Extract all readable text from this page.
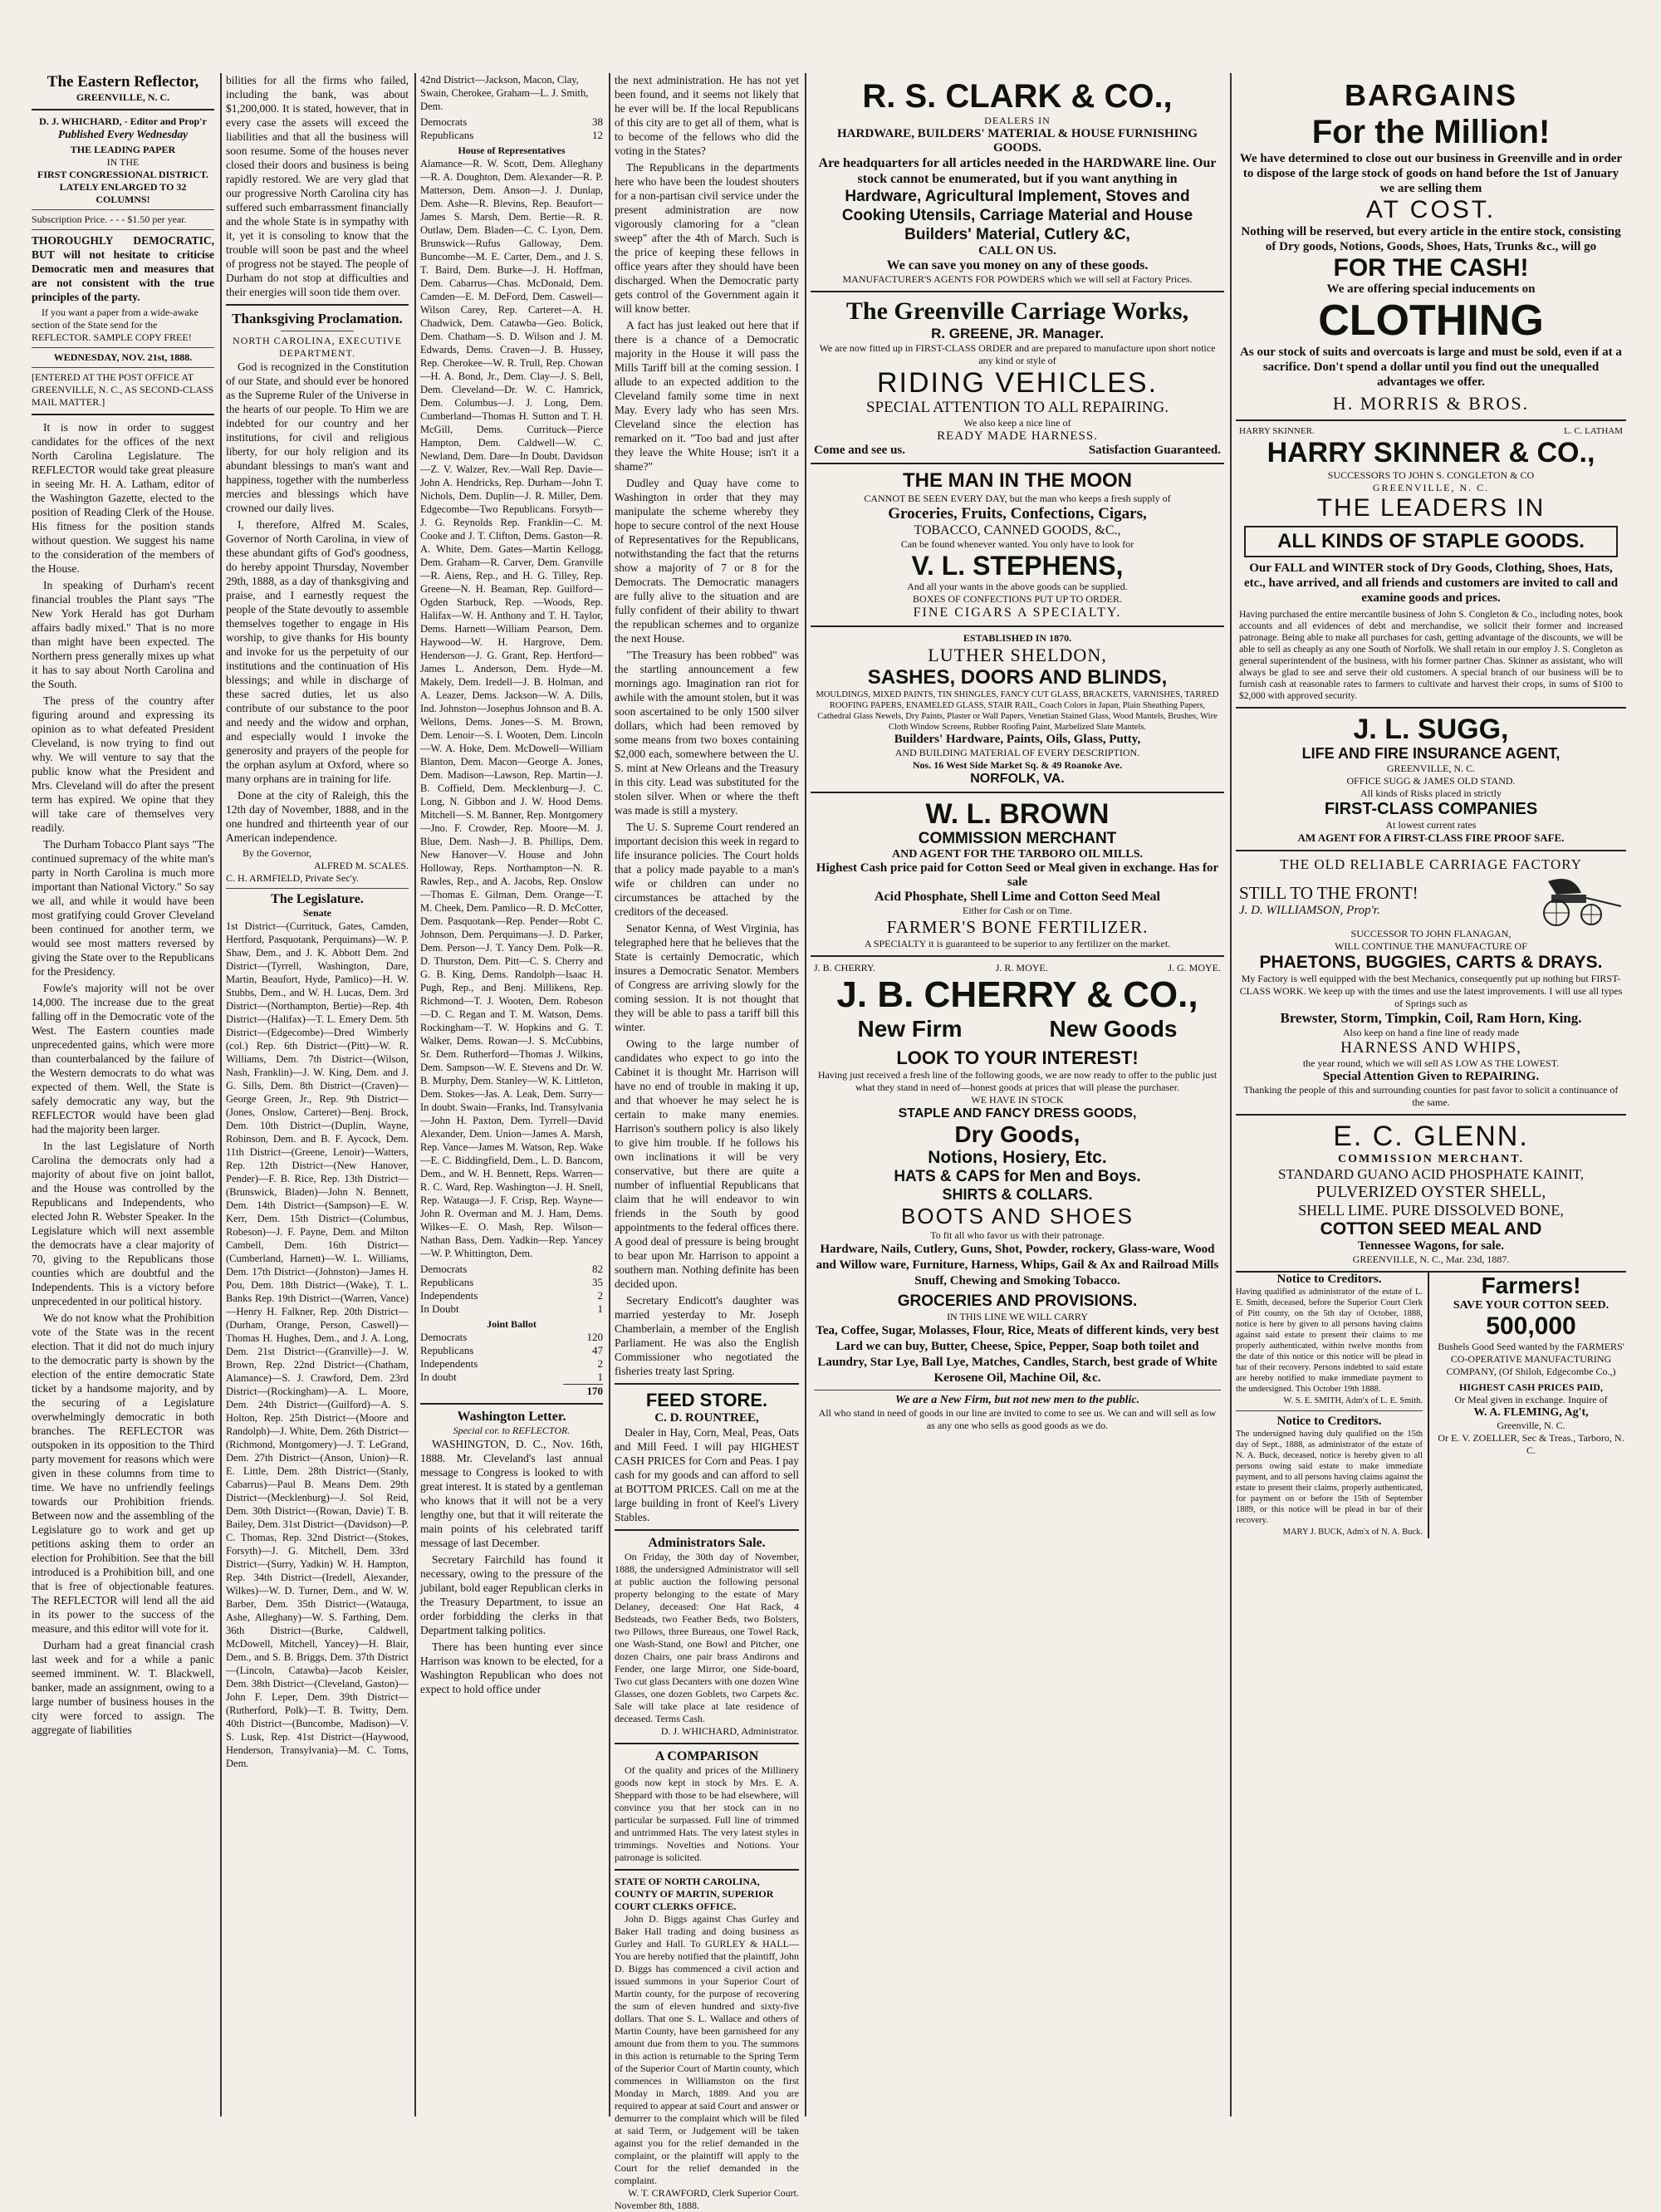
The Eastern Reflector,
GREENVILLE, N. C.
D. J. WHICHARD, - Editor and Prop'r
Published Every Wednesday
THE LEADING PAPER
IN THE
FIRST CONGRESSIONAL DISTRICT.
LATELY ENLARGED TO 32 COLUMNS!
Subscription Price. - - - $1.50 per year.
THOROUGHLY DEMOCRATIC, BUT will not hesitate to criticise Democratic men and measures that are not consistent with the true principles of the party.
If you want a paper from a wide-awake section of the State send for the REFLECTOR. SAMPLE COPY FREE!
WEDNESDAY, NOV. 21st, 1888.
[ENTERED AT THE POST OFFICE AT GREENVILLE, N. C., AS SECOND-CLASS MAIL MATTER.]

It is now in order to suggest candidates for the offices of the next North Carolina Legislature. The REFLECTOR would take great pleasure in seeing Mr. H. A. Latham, editor of the Washington Gazette, elected to the position of Reading Clerk of the House. His fitness for the position stands without question. We suggest his name to the consideration of the members of the House.

In speaking of Durham's recent financial troubles the Plant says "The New York Herald has got Durham affairs badly mixed." That is no more than might have been expected. The Northern press generally mixes up what it has to say about North Carolina and the South.

The press of the country after figuring around and expressing its opinion as to what defeated President Cleveland, is now trying to find out why. We will venture to say that the public know what the President and Mrs. Cleveland will do after the present term has expired. We opine that they will take care of themselves very readily.

The Durham Tobacco Plant says "The continued supremacy of the white man's party in North Carolina is much more important than National Victory." So say we all, and while it would have been most gratifying could Grover Cleveland been continued for another term, we would see most matters reversed by giving the State over to the Republicans for the Presidency.

Fowle's majority will not be over 14,000. The increase due to the great falling off in the Democratic vote of the West. The Eastern counties made unprecedented gains, which were more than counterbalanced by the failure of the Western democrats to do what was expected of them. Well, the State is safely democratic any way, but the REFLECTOR would have been glad had the majority been larger.

In the last Legislature of North Carolina the democrats only had a majority of about five on joint ballot, and the House was controlled by the Republicans and Independents, who elected John R. Webster Speaker. In the Legislature which will next assemble the democrats have a clear majority of 70, giving to the Republicans those counties which are doubtful and the Independents. This is a victory before unprecedented in our political history.

We do not know what the Prohibition vote of the State was in the recent election. That it did not do much injury to the democratic party is shown by the election of the entire democratic State ticket by a handsome majority, and by the securing of a Legislature overwhelmingly democratic in both branches. The REFLECTOR was outspoken in its opposition to the Third party movement for reasons which were given in these columns from time to time. We have no unfriendly feelings towards our Prohibition friends. Between now and the assembling of the Legislature go to work and get up petitions asking them to order an election for Prohibition. See that the bill introduced is a Prohibition bill, and one that is free of objectionable features. The REFLECTOR will lend all the aid in its power to the success of the measure, and this editor will vote for it.

Durham had a great financial crash last week and for a while a panic seemed imminent. W. T. Blackwell, banker, made an assignment, owing to a large number of business houses in the city were forced to assign. The aggregate of liabilities

bilities for all the firms who failed, including the bank, was about $1,200,000. It is stated, however, that in every case the assets will exceed the liabilities and that all the business will soon resume. Some of the houses never closed their doors and business is being rapidly restored. We are very glad that our progressive North Carolina city has suffered such embarrassment financially and the whole State is in sympathy with it, yet it is consoling to know that the trouble will soon be past and the wheel of progress not be stayed. The people of Durham do not stop at difficulties and their energies will soon tide them over.
Thanksgiving Proclamation.
NORTH CAROLINA, EXECUTIVE DEPARTMENT.

God is recognized in the Constitution of our State, and should ever be honored as the Supreme Ruler of the Universe in the hearts of our people. To Him we are indebted for our country and her institutions, for civil and religious liberty, for our holy religion and its abundant blessings to man's want and happiness, together with the numberless mercies and blessings which have crowned our daily lives.

I, therefore, Alfred M. Scales, Governor of North Carolina, in view of these abundant gifts of God's goodness, do hereby appoint Thursday, November 29th, 1888, as a day of thanksgiving and praise, and I earnestly request the people of the State devoutly to assemble themselves together to engage in His worship, to give thanks for His bounty and invoke for us the perpetuity of our institutions and the continuation of His blessings; and while in discharge of these sacred duties, let us also contribute of our substance to the poor and needy and the widow and orphan, and especially would I invoke the generosity and prayers of the people for the orphan asylum at Oxford, where so many orphans are in training for life.

Done at the city of Raleigh, this the 12th day of November, 1888, and in the one hundred and thirteenth year of our American independence.

By the Governor,
ALFRED M. SCALES.
C. H. ARMFIELD, Private Sec'y.
The Legislature.
Senate
1st District—(Currituck, Gates, Camden, Hertford, Pasquotank, Perquimans)—W. P. Shaw, Dem., and J. K. Abbott Dem. 2nd District—(Tyrrell, Washington, Dare, Martin, Beaufort, Hyde, Pamlico)—H. W. Stubbs, Dem., and W. H. Lucas, Dem. 3rd District—(Northampton, Bertie)—Rep. 4th District—(Halifax)—T. L. Emery Dem. 5th District—(Edgecombe)—Dred Wimberly (col.) Rep. 6th District—(Pitt)—W. R. Williams, Dem. 7th District—(Wilson, Nash, Franklin)—J. W. King, Dem. and J. G. Sills, Dem. 8th District—(Craven)—George Green, Jr., Rep. 9th District—(Jones, Onslow, Carteret)—Benj. Brock, Dem. 10th District—(Duplin, Wayne, Robinson, Dem. and B. F. Aycock, Dem. 11th District—(Greene, Lenoir)—Watters, Rep. 12th District—(New Hanover, Pender)—F. B. Rice, Rep. 13th District—(Brunswick, Bladen)—John N. Bennett, Dem. 14th District—(Sampson)—E. W. Kerr, Dem. 15th District—(Columbus, Robeson)—J. F. Payne, Dem. and Milton Cambell, Dem. 16th District—(Cumberland, Harnett)—W. L. Williams, Dem. 17th District—(Johnston)—James H. Pou, Dem. 18th District—(Wake), T. L. Banks Rep. 19th District—(Warren, Vance)—Henry H. Falkner, Rep. 20th District—(Durham, Orange, Person, Caswell)—Thomas H. Hughes, Dem., and J. A. Long, Dem. 21st District—(Granville)—J. W. Brown, Rep. 22nd District—(Chatham, Alamance)—S. J. Crawford, Dem. 23rd District—(Rockingham)—A. L. Moore, Dem. 24th District—(Guilford)—A. S. Holton, Rep. 25th District—(Moore and Randolph)—J. White, Dem. 26th District—(Richmond, Montgomery)—J. T. LeGrand, Dem. 27th District—(Anson, Union)—R. E. Little, Dem. 28th District—(Stanly, Cabarrus)—Paul B. Means Dem. 29th District—(Mecklenburg)—J. Sol Reid, Dem. 30th District—(Rowan, Davie) T. B. Bailey, Dem. 31st District—(Davidson)—P. C. Thomas, Rep. 32nd District—(Stokes, Forsyth)—J. G. Mitchell, Dem. 33rd District—(Surry, Yadkin) W. H. Hampton, Rep. 34th District—(Iredell, Alexander, Wilkes)—W. D. Turner, Dem., and W. W. Barber, Dem. 35th District—(Watauga, Ashe, Alleghany)—W. S. Farthing, Dem. 36th District—(Burke, Caldwell, McDowell, Mitchell, Yancey)—H. Blair, Dem., and S. B. Briggs, Dem. 37th District—(Lincoln, Catawba)—Jacob Keisler, Dem. 38th District—(Cleveland, Gaston)—John F. Leper, Dem. 39th District—(Rutherford, Polk)—T. B. Twitty, Dem. 40th District—(Buncombe, Madison)—V. S. Lusk, Rep. 41st District—(Haywood, Henderson, Transylvania)—M. C. Toms, Dem.
42nd District—Jackson, Macon, Clay, Swain, Cherokee, Graham—L. J. Smith, Dem.
Democrats	38
Republicans	12
House of Representatives
Alamance—R. W. Scott, Dem. Alleghany—R. A. Doughton, Dem. Alexander—R. P. Matterson, Dem. Anson—J. J. Dunlap, Dem. Ashe—R. Blevins, Rep. Beaufort—James S. Marsh, Dem. Bertie—R. R. Outlaw, Dem. Bladen—C. C. Lyon, Dem. Brunswick—Rufus Galloway, Dem. Buncombe—M. E. Carter, Dem., and J. S. T. Baird, Dem. Burke—J. H. Hoffman, Dem. Cabarrus—Chas. McDonald, Dem. Camden—E. M. DeFord, Dem. Caswell—Wilson Carey, Rep. Carteret—A. H. Chadwick, Dem. Catawba—Geo. Bolick, Dem. Chatham—S. D. Wilson and J. M. Edwards, Dems. Craven—J. B. Hussey, Rep. Cherokee—W. R. Trull, Rep. Chowan—H. A. Bond, Jr., Dem. Clay—J. S. Bell, Dem. Cleveland—Dr. W. C. Hamrick, Dem. Columbus—J. J. Long, Dem. Cumberland—Thomas H. Sutton and T. H. McGill, Dems. Currituck—Pierce Hampton, Dem. Caldwell—W. C. Newland, Dem. Dare—In Doubt. Davidson—Z. V. Walzer, Rev.—Wall Rep. Davie—John A. Hendricks, Rep. Durham—John T. Nichols, Dem. Duplin—J. R. Miller, Dem. Edgecombe—Two Republicans. Forsyth—J. G. Reynolds Rep. Franklin—C. M. Cooke and J. T. Clifton, Dems. Gaston—R. A. White, Dem. Gates—Martin Kellogg, Dem. Graham—R. Carver, Dem. Granville—R. Aiens, Rep., and H. G. Tilley, Rep. Greene—N. H. Beaman, Rep. Guilford—Ogden Starbuck, Rep. —Woods, Rep. Halifax—W. H. Anthony and T. H. Taylor, Dems. Harnett—William Pearson, Dem. Haywood—W. H. Hargrove, Dem. Henderson—J. G. Grant, Rep. Hertford—James L. Anderson, Dem. Hyde—M. Makely, Dem. Iredell—J. B. Holman, and A. Leazer, Dems. Jackson—W. A. Dills, Ind. Johnston—Josephus Johnson and B. A. Wellons, Dems. Jones—S. M. Brown, Dem. Lenoir—S. I. Wooten, Dem. Lincoln—W. A. Hoke, Dem. McDowell—William Blanton, Dem. Macon—George A. Jones, Dem. Madison—Lawson, Rep. Martin—J. B. Coffield, Dem. Mecklenburg—J. C. Long, N. Gibbon and J. W. Hood Dems. Mitchell—S. M. Banner, Rep. Montgomery—Jno. F. Crowder, Rep. Moore—M. J. Blue, Dem. Nash—J. B. Phillips, Dem. New Hanover—V. House and John Holloway, Reps. Northampton—N. R. Rawles, Rep., and A. Jacobs, Rep. Onslow—Thomas E. Gilman, Dem. Orange—T. M. Cheek, Dem. Pamlico—R. D. McCotter, Dem. Pasquotank—Rep. Pender—Robt C. Johnson, Dem. Perquimans—J. D. Parker, Dem. Person—J. T. Yancy Dem. Polk—R. D. Thurston, Dem. Pitt—C. S. Cherry and G. B. King, Dems. Randolph—Isaac H. Pugh, Rep., and Benj. Millikens, Rep. Richmond—T. J. Wooten, Dem. Robeson—D. C. Regan and T. M. Watson, Dems. Rockingham—T. W. Hopkins and G. T. Walker, Dems. Rowan—J. S. McCubbins, Sr. Dem. Rutherford—Thomas J. Wilkins, Dem. Sampson—W. E. Stevens and Dr. W. B. Murphy, Dem. Stanley—W. K. Littleton, Dem. Stokes—Jas. A. Leak, Dem. Surry—In doubt. Swain—Franks, Ind. Transylvania—John H. Paxton, Dem. Tyrrell—David Alexander, Dem. Union—James A. Marsh, Rep. Vance—James M. Watson, Rep. Wake—E. C. Biddingfield, Dem., L. D. Bancom, Dem., and W. H. Bennett, Reps. Warren—R. C. Ward, Rep. Washington—J. H. Snell, Rep. Watauga—J. F. Crisp, Rep. Wayne—John R. Overman and M. J. Ham, Dems. Wilkes—E. O. Mash, Rep. Wilson—Nathan Bass, Dem. Yadkin—Rep. Yancey—W. P. Whittington, Dem.
Democrats	82
Republicans	35
Independents	2
In Doubt	1
Joint Ballot
Democrats	120
Republicans	47
Independents	2
In doubt	1
	170
Washington Letter.
Special cor. to REFLECTOR.

WASHINGTON, D. C., Nov. 16th, 1888. Mr. Cleveland's last annual message to Congress is looked to with great interest. It is stated by a gentleman who knows that it will not be a very lengthy one, but that it will reiterate the main points of his celebrated tariff message of last December.

Secretary Fairchild has found it necessary, owing to the pressure of the jubilant, bold eager Republican clerks in the Treasury Department, to issue an order forbidding the clerks in that Department talking politics.

There has been hunting ever since Harrison was known to be elected, for a Washington Republican who does not expect to hold office under

the next administration. He has not yet been found, and it seems not likely that he ever will be. If the local Republicans of this city are to get all of them, what is to become of the fellows who did the voting in the States?

The Republicans in the departments here who have been the loudest shouters for a non-partisan civil service under the present administration are now vigorously clamoring for a "clean sweep" after the 4th of March. Such is the price of keeping these fellows in office years after they should have been discharged. When the Democratic party gets control of the Government again it will know better.

A fact has just leaked out here that if there is a chance of a Democratic majority in the House it will pass the Mills Tariff bill at the coming session. I allude to an expected addition to the Cleveland family some time in next May. Every lady who has seen Mrs. Cleveland since the election has remarked on it. "Too bad and just after they leave the White House; isn't it a shame?"

Dudley and Quay have come to Washington in order that they may manipulate the scheme whereby they hope to secure control of the next House of Representatives for the Republicans, notwithstanding the fact that the returns show a majority of 7 or 8 for the Democrats. The Democratic managers are fully alive to the situation and are fully confident of their ability to thwart the republican schemes and to organize the next House.

"The Treasury has been robbed" was the startling announcement a few mornings ago. Imagination ran riot for awhile with the amount stolen, but it was soon ascertained to be only 1500 silver dollars, which had been removed by some means from two boxes containing $2,000 each, somewhere between the U. S. mint at New Orleans and the Treasury in this city. Lead was substituted for the stolen silver. When or where the theft was made is still a mystery.

The U. S. Supreme Court rendered an important decision this week in regard to life insurance policies. The Court holds that a policy made payable to a man's wife or children can under no circumstances be attached by the creditors of the deceased.

Senator Kenna, of West Virginia, has telegraphed here that he believes that the State is certainly Democratic, which insures a Democratic Senator. Members of Congress are arriving slowly for the coming session. It is not thought that they will be able to pass a tariff bill this winter.

Owing to the large number of candidates who expect to go into the Cabinet it is thought Mr. Harrison will have no end of trouble in making it up, and that whoever he may select he is certain to make many enemies. Harrison's southern policy is also likely to give him trouble. If he follows his own inclinations it will be very conservative, but there are quite a number of influential Republicans that claim that he will endeavor to win friends in the South by good appointments to the federal offices there. A good deal of pressure is being brought to bear upon Mr. Harrison to appoint a southern man. Nothing definite has been decided upon.

Secretary Endicott's daughter was married yesterday to Mr. Joseph Chamberlain, a member of the English Parliament. He was also the English Commissioner who negotiated the fisheries treaty last Spring.

FEED STORE.
C. D. ROUNTREE,
Dealer in Hay, Corn, Meal, Peas, Oats and Mill Feed. I will pay HIGHEST CASH PRICES for Corn and Peas. I pay cash for my goods and can afford to sell at BOTTOM PRICES. Call on me at the large building in front of Keel's Livery Stables.
Administrators Sale.
On Friday, the 30th day of November, 1888, the undersigned Administrator will sell at public auction the following personal property belonging to the estate of Mary Delaney, deceased: One Hat Rack, 4 Bedsteads, two Feather Beds, two Bolsters, two Pillows, three Bureaus, one Towel Rack, one Wash-Stand, one Bowl and Pitcher, one dozen Chairs, one pair brass Andirons and Fender, one large Mirror, one Side-board, Two cut glass Decanters with one dozen Wine Glasses, one dozen Goblets, two Carpets &c. Sale will take place at late residence of deceased. Terms Cash.
D. J. WHICHARD, Administrator.
A COMPARISON
Of the quality and prices of the Millinery goods now kept in stock by Mrs. E. A. Sheppard with those to be had elsewhere, will convince you that her stock can in no particular be surpassed. Full line of trimmed and untrimmed Hats. The very latest styles in trimmings. Novelties and Notions. Your patronage is solicited.
STATE OF NORTH CAROLINA, COUNTY OF MARTIN, SUPERIOR COURT CLERKS OFFICE.
John D. Biggs against Chas Gurley and Baker Hall trading and doing business as Gurley and Hall. To GURLEY & HALL—You are hereby notified that the plaintiff, John D. Biggs has commenced a civil action and issued summons in your Superior Court of Martin county, for the purpose of recovering the sum of eleven hundred and sixty-five dollars. That one S. L. Wallace and others of Martin County, have been garnisheed for any amount due from them to you. The summons in this action is returnable to the Spring Term of the Superior Court of Martin county, which commences in Williamston on the first Monday in March, 1889. And you are required to appear at said Court and answer or demurrer to the complaint which will be filed at said Term, or Judgement will be taken against you for the relief demanded in the complaint, or the plaintiff will apply to the Court for the relief demanded in the complaint.
W. T. CRAWFORD, Clerk Superior Court.
November 8th, 1888.
R. S. CLARK & CO.,
DEALERS IN
HARDWARE, BUILDERS' MATERIAL & HOUSE FURNISHING GOODS.
Are headquarters for all articles needed in the HARDWARE line. Our stock cannot be enumerated, but if you want anything in
Hardware, Agricultural Implement, Stoves and Cooking Utensils, Carriage Material and House Builders' Material, Cutlery &C,
CALL ON US.
We can save you money on any of these goods.
MANUFACTURER'S AGENTS FOR POWDERS which we will sell at Factory Prices.
The Greenville Carriage Works,
R. GREENE, JR. Manager.
We are now fitted up in FIRST-CLASS ORDER and are prepared to manufacture upon short notice any kind or style of
RIDING VEHICLES.
SPECIAL ATTENTION TO ALL REPAIRING.
We also keep a nice line of
READY MADE HARNESS.
Come and see us.	Satisfaction Guaranteed.
THE MAN IN THE MOON
CANNOT BE SEEN EVERY DAY, but the man who keeps a fresh supply of
Groceries, Fruits, Confections, Cigars,
TOBACCO, CANNED GOODS, &C.,
Can be found whenever wanted. You only have to look for
V. L. STEPHENS,
And all your wants in the above goods can be supplied.
BOXES OF CONFECTIONS PUT UP TO ORDER.
FINE CIGARS A SPECIALTY.
ESTABLISHED IN 1870.
LUTHER SHELDON,
SASHES, DOORS AND BLINDS,
MOULDINGS, MIXED PAINTS, TIN SHINGLES, FANCY CUT GLASS, BRACKETS, VARNISHES, TARRED ROOFING PAPERS, ENAMELED GLASS, STAIR RAIL, Coach Colors in Japan, Plain Sheathing Papers, Cathedral Glass Newels, Dry Paints, Plaster or Wall Papers, Venetian Stained Glass, Wood Mantels, Brushes, Wire Cloth Window Screens, Rubber Roofing Paint, Marbelized Slate Mantels.
Builders' Hardware, Paints, Oils, Glass, Putty,
AND BUILDING MATERIAL OF EVERY DESCRIPTION.
Nos. 16 West Side Market Sq. & 49 Roanoke Ave.
NORFOLK, VA.
W. L. BROWN
COMMISSION MERCHANT
AND AGENT FOR THE TARBORO OIL MILLS.
Highest Cash price paid for Cotton Seed or Meal given in exchange. Has for sale
Acid Phosphate, Shell Lime and Cotton Seed Meal
Either for Cash or on Time.
FARMER'S BONE FERTILIZER.
A SPECIALTY it is guaranteed to be superior to any fertilizer on the market.
J. B. CHERRY.	J. R. MOYE.	J. G. MOYE.
J. B. CHERRY & CO.,
New Firm	New Goods
LOOK TO YOUR INTEREST!
Having just received a fresh line of the following goods, we are now ready to offer to the public just what they stand in need of—honest goods at prices that will please the purchaser.
WE HAVE IN STOCK
STAPLE AND FANCY DRESS GOODS,
Dry Goods,
Notions, Hosiery, Etc.
HATS & CAPS for Men and Boys.
SHIRTS & COLLARS.
BOOTS AND SHOES
To fit all who favor us with their patronage.
Hardware, Nails, Cutlery, Guns, Shot, Powder, rockery, Glass-ware, Wood and Willow ware, Furniture, Harness, Whips, Gail & Ax and Railroad Mills Snuff, Chewing and Smoking Tobacco.
GROCERIES AND PROVISIONS.
IN THIS LINE WE WILL CARRY
Tea, Coffee, Sugar, Molasses, Flour, Rice, Meats of different kinds, very best Lard we can buy, Butter, Cheese, Spice, Pepper, Soap both toilet and Laundry, Star Lye, Ball Lye, Matches, Candles, Starch, best grade of White Kerosene Oil, Machine Oil, &c.
We are a New Firm, but not new men to the public.
All who stand in need of goods in our line are invited to come to see us. We can and will sell as low as any one who sells as good goods as we do.
BARGAINS
For the Million!
We have determined to close out our business in Greenville and in order to dispose of the large stock of goods on hand before the 1st of January we are selling them
AT COST.
Nothing will be reserved, but every article in the entire stock, consisting of Dry goods, Notions, Goods, Shoes, Hats, Trunks &c., will go
FOR THE CASH!
We are offering special inducements on
CLOTHING
As our stock of suits and overcoats is large and must be sold, even if at a sacrifice. Don't spend a dollar until you find out the unequalled advantages we offer.
H. MORRIS & BROS.
HARRY SKINNER.	L. C. LATHAM
HARRY SKINNER & CO.,
SUCCESSORS TO JOHN S. CONGLETON & CO
GREENVILLE, N. C.
THE LEADERS IN
ALL KINDS OF STAPLE GOODS.
Our FALL and WINTER stock of Dry Goods, Clothing, Shoes, Hats, etc., have arrived, and all friends and customers are invited to call and examine goods and prices.
Having purchased the entire mercantile business of John S. Congleton & Co., including notes, book accounts and all evidences of debt and merchandise, we solicit their former and increased patronage. Being able to make all purchases for cash, getting advantage of the discounts, we will be able to sell as cheaply as any one South of Norfolk. We shall retain in our employ J. S. Congleton as general superintendent of the business, with his former partner Chas. Skinner as assistant, who will always be glad to see and serve their old customers. A special branch of our business will be to furnish cash at reasonable rates to farmers to cultivate and harvest their crops, in sums of $100 to $2,000 with approved security.
J. L. SUGG,
LIFE AND FIRE INSURANCE AGENT,
GREENVILLE, N. C.
OFFICE SUGG & JAMES OLD STAND.
All kinds of Risks placed in strictly
FIRST-CLASS COMPANIES
At lowest current rates
AM AGENT FOR A FIRST-CLASS FIRE PROOF SAFE.
THE OLD RELIABLE CARRIAGE FACTORY
STILL TO THE FRONT!
J. D. WILLIAMSON, Prop'r.
SUCCESSOR TO JOHN FLANAGAN,
WILL CONTINUE THE MANUFACTURE OF
PHAETONS, BUGGIES, CARTS & DRAYS.
My Factory is well equipped with the best Mechanics, consequently put up nothing but FIRST-CLASS WORK. We keep up with the times and use the latest improvements. I will use all types of Springs such as
Brewster, Storm, Timpkin, Coil, Ram Horn, King.
Also keep on hand a fine line of ready made
HARNESS AND WHIPS,
the year round, which we will sell AS LOW AS THE LOWEST.
Special Attention Given to REPAIRING.
Thanking the people of this and surrounding counties for past favor to solicit a continuance of the same.
E. C. GLENN.
COMMISSION MERCHANT.
STANDARD GUANO ACID PHOSPHATE KAINIT,
PULVERIZED OYSTER SHELL,
SHELL LIME. PURE DISSOLVED BONE,
COTTON SEED MEAL AND
Tennessee Wagons, for sale.
GREENVILLE, N. C., Mar. 23d, 1887.
Notice to Creditors.
Having qualified as administrator of the estate of L. E. Smith, deceased, before the Superior Court Clerk of Pitt county, on the 5th day of October, 1888, notice is here by given to all persons having claims against said estate to present their claims to me properly authenticated, within twelve months from the date of this notice or this notice will be plead in bar of their recovery. Persons indebted to said estate are hereby notified to make immediate payment to the undersigned. This October 19th 1888.
W. S. E. SMITH, Adm'x of L. E. Smith.
Notice to Creditors.
The undersigned having duly qualified on the 15th day of Sept., 1888, as administrator of the estate of N. A. Buck, deceased, notice is hereby given to all persons owing said estate to make immediate payment, and to all persons having claims against the estate to present their claims, properly authenticated, for payment on or before the 15th of September 1889, or this notice will be plead in bar of their recovery.
MARY J. BUCK, Adm'x of N. A. Buck.
Farmers!
SAVE YOUR COTTON SEED.
500,000
Bushels Good Seed wanted by the FARMERS' CO-OPERATIVE MANUFACTURING COMPANY, (Of Shiloh, Edgecombe Co.,)
HIGHEST CASH PRICES PAID,
Or Meal given in exchange. Inquire of
W. A. FLEMING, Ag't,
Greenville, N. C.
Or E. V. ZOELLER, Sec & Treas., Tarboro, N. C.
